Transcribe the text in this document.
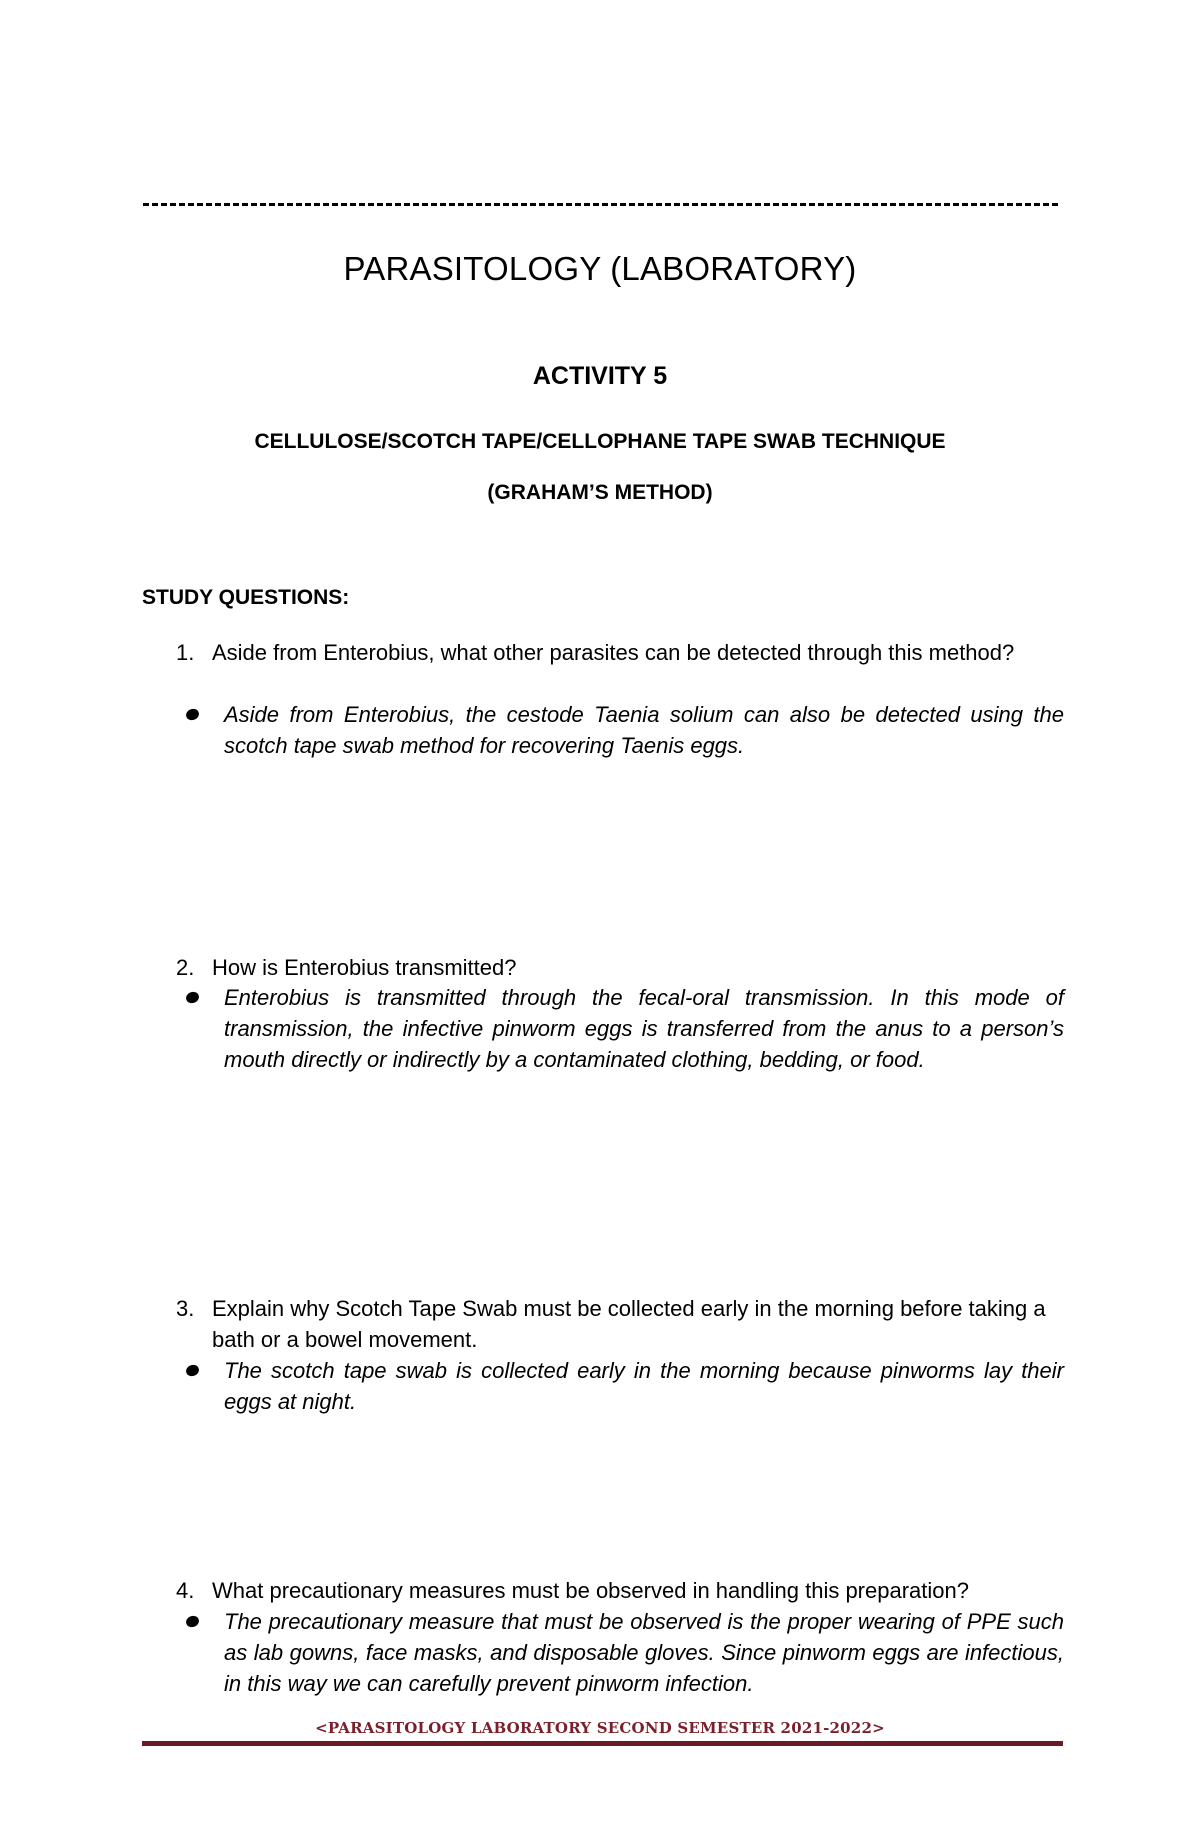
PARASITOLOGY (LABORATORY)
ACTIVITY 5
CELLULOSE/SCOTCH TAPE/CELLOPHANE TAPE SWAB TECHNIQUE
(GRAHAM’S METHOD)
STUDY QUESTIONS:
1. Aside from Enterobius, what other parasites can be detected through this method?
Aside from Enterobius, the cestode Taenia solium can also be detected using the scotch tape swab method for recovering Taenis eggs.
2. How is Enterobius transmitted?
Enterobius is transmitted through the fecal-oral transmission. In this mode of transmission, the infective pinworm eggs is transferred from the anus to a person’s mouth directly or indirectly by a contaminated clothing, bedding, or food.
3. Explain why Scotch Tape Swab must be collected early in the morning before taking a bath or a bowel movement.
The scotch tape swab is collected early in the morning because pinworms lay their eggs at night.
4. What precautionary measures must be observed in handling this preparation?
The precautionary measure that must be observed is the proper wearing of PPE such as lab gowns, face masks, and disposable gloves. Since pinworm eggs are infectious, in this way we can carefully prevent pinworm infection.
<PARASITOLOGY LABORATORY SECOND SEMESTER 2021-2022>
